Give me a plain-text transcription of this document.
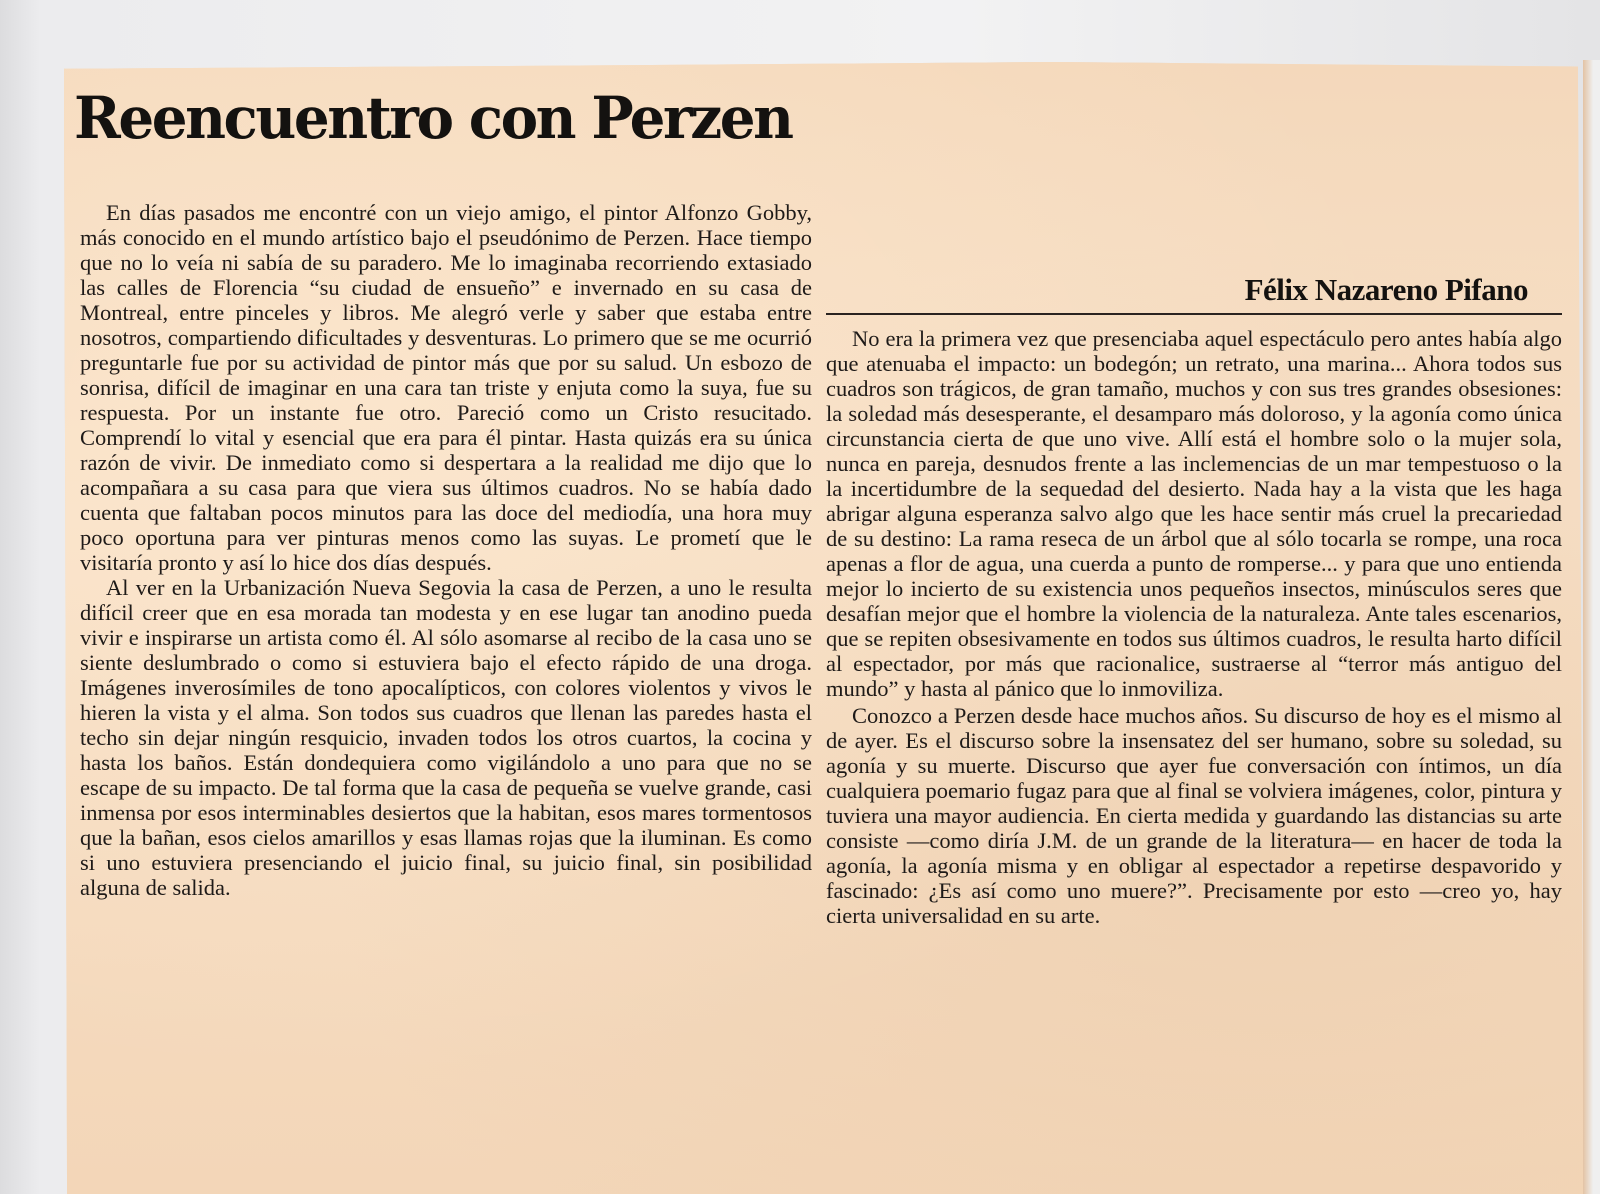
Reencuentro con Perzen
Félix Nazareno Pifano

En días pasados me encontré con un viejo amigo, el pintor Alfonzo Gobby, más conocido en el mundo artístico bajo el pseudónimo de Perzen. Hace tiempo que no lo veía ni sabía de su paradero. Me lo imaginaba recorriendo extasiado las calles de Florencia “su ciudad de ensueño” e invernado en su casa de Montreal, entre pinceles y libros. Me alegró verle y saber que estaba entre nosotros, compartiendo dificultades y desventuras. Lo primero que se me ocurrió preguntarle fue por su actividad de pintor más que por su salud. Un esbozo de sonrisa, difícil de imaginar en una cara tan triste y enjuta como la suya, fue su respuesta. Por un instante fue otro. Pareció como un Cristo resucitado. Comprendí lo vital y esencial que era para él pintar. Hasta quizás era su única razón de vivir. De inmediato como si despertara a la realidad me dijo que lo acompañara a su casa para que viera sus últimos cuadros. No se había dado cuenta que faltaban pocos minutos para las doce del mediodía, una hora muy poco oportuna para ver pinturas menos como las suyas. Le prometí que le visitaría pronto y así lo hice dos días después.

Al ver en la Urbanización Nueva Segovia la casa de Perzen, a uno le resulta difícil creer que en esa morada tan modesta y en ese lugar tan anodino pueda vivir e inspirarse un artista como él. Al sólo asomarse al recibo de la casa uno se siente deslumbrado o como si estuviera bajo el efecto rápido de una droga. Imágenes inverosímiles de tono apocalípticos, con colores violentos y vivos le hieren la vista y el alma. Son todos sus cuadros que llenan las paredes hasta el techo sin dejar ningún resquicio, invaden todos los otros cuartos, la cocina y hasta los baños. Están dondequiera como vigilándolo a uno para que no se escape de su impacto. De tal forma que la casa de pequeña se vuelve grande, casi inmensa por esos interminables desiertos que la habitan, esos mares tormentosos que la bañan, esos cielos amarillos y esas llamas rojas que la iluminan. Es como si uno estuviera presenciando el juicio final, su juicio final, sin posibilidad alguna de salida.

No era la primera vez que presenciaba aquel espectáculo pero antes había algo que atenuaba el impacto: un bodegón; un retrato, una marina... Ahora todos sus cuadros son trágicos, de gran tamaño, muchos y con sus tres grandes obsesiones: la soledad más desesperante, el desamparo más doloroso, y la agonía como única circunstancia cierta de que uno vive. Allí está el hombre solo o la mujer sola, nunca en pareja, desnudos frente a las inclemencias de un mar tempestuoso o la la incertidumbre de la sequedad del desierto. Nada hay a la vista que les haga abrigar alguna esperanza salvo algo que les hace sentir más cruel la precariedad de su destino: La rama reseca de un árbol que al sólo tocarla se rompe, una roca apenas a flor de agua, una cuerda a punto de romperse... y para que uno entienda mejor lo incierto de su existencia unos pequeños insectos, minúsculos seres que desafían mejor que el hombre la violencia de la naturaleza. Ante tales escenarios, que se repiten obsesivamente en todos sus últimos cuadros, le resulta harto difícil al espectador, por más que racionalice, sustraerse al “terror más antiguo del mundo” y hasta al pánico que lo inmoviliza.

Conozco a Perzen desde hace muchos años. Su discurso de hoy es el mismo al de ayer. Es el discurso sobre la insensatez del ser humano, sobre su soledad, su agonía y su muerte. Discurso que ayer fue conversación con íntimos, un día cualquiera poemario fugaz para que al final se volviera imágenes, color, pintura y tuviera una mayor audiencia. En cierta medida y guardando las distancias su arte consiste —como diría J.M. de un grande de la literatura— en hacer de toda la agonía, la agonía misma y en obligar al espectador a repetirse despavorido y fascinado: ¿Es así como uno muere?”. Precisamente por esto —creo yo, hay cierta universalidad en su arte.
